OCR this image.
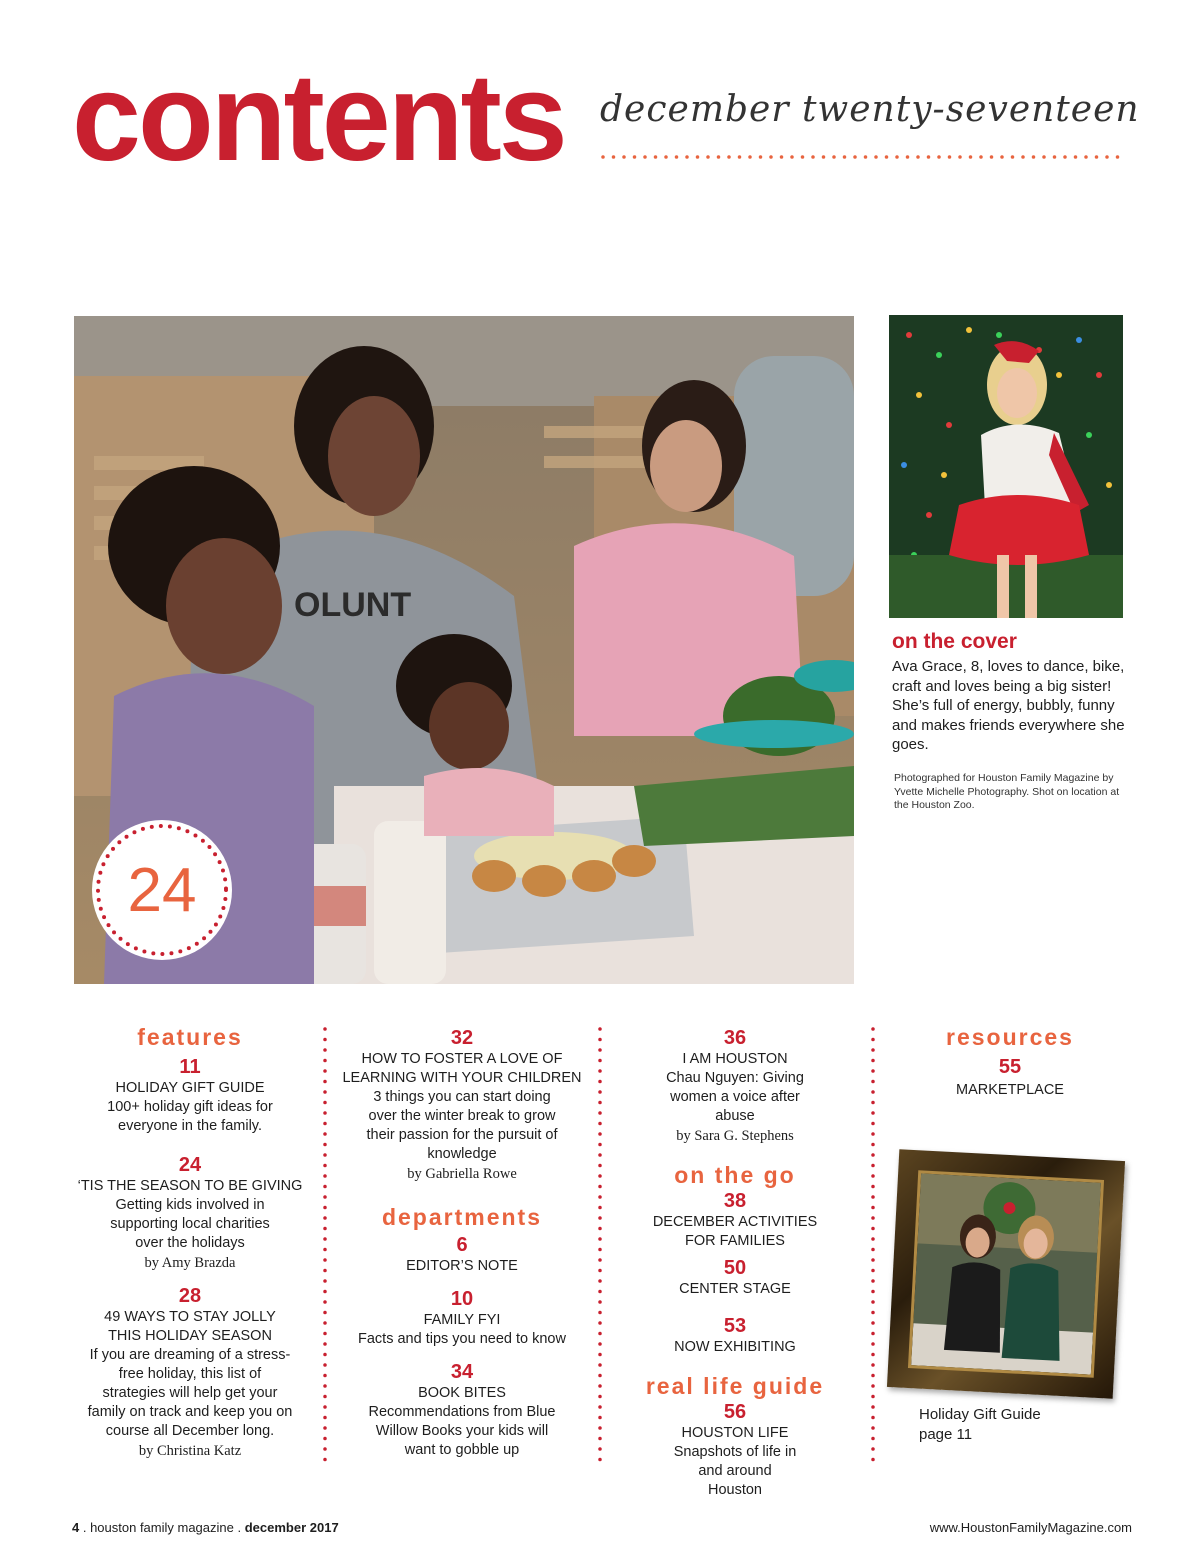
contents december twenty-seventeen
OLUNT
24
on the cover
Ava Grace, 8, loves to dance, bike, craft and loves being a big sister! She’s full of energy, bubbly, funny and makes friends everywhere she goes.
Photographed for Houston Family Magazine by Yvette Michelle Photography. Shot on location at the Houston Zoo.
features
11
HOLIDAY GIFT GUIDE
100+ holiday gift ideas for everyone in the family.
24
‘TIS THE SEASON TO BE GIVING
Getting kids involved in supporting local charities over the holidays
by Amy Brazda
28
49 WAYS TO STAY JOLLY THIS HOLIDAY SEASON
If you are dreaming of a stress-free holiday, this list of strategies will help get your family on track and keep you on course all December long.
by Christina Katz
32
HOW TO FOSTER A LOVE OF LEARNING WITH YOUR CHILDREN
3 things you can start doing over the winter break to grow their passion for the pursuit of knowledge
by Gabriella Rowe
departments
6
EDITOR’S NOTE
10
FAMILY FYI
Facts and tips you need to know
34
BOOK BITES
Recommendations from Blue Willow Books your kids will want to gobble up
36
I AM HOUSTON
Chau Nguyen: Giving women a voice after abuse
by Sara G. Stephens
on the go
38
DECEMBER ACTIVITIES FOR FAMILIES
50
CENTER STAGE
53
NOW EXHIBITING
real life guide
56
HOUSTON LIFE
Snapshots of life in and around Houston
resources
55
MARKETPLACE
Holiday Gift Guide
page 11
4 . houston family magazine . december 2017	www.HoustonFamilyMagazine.com
